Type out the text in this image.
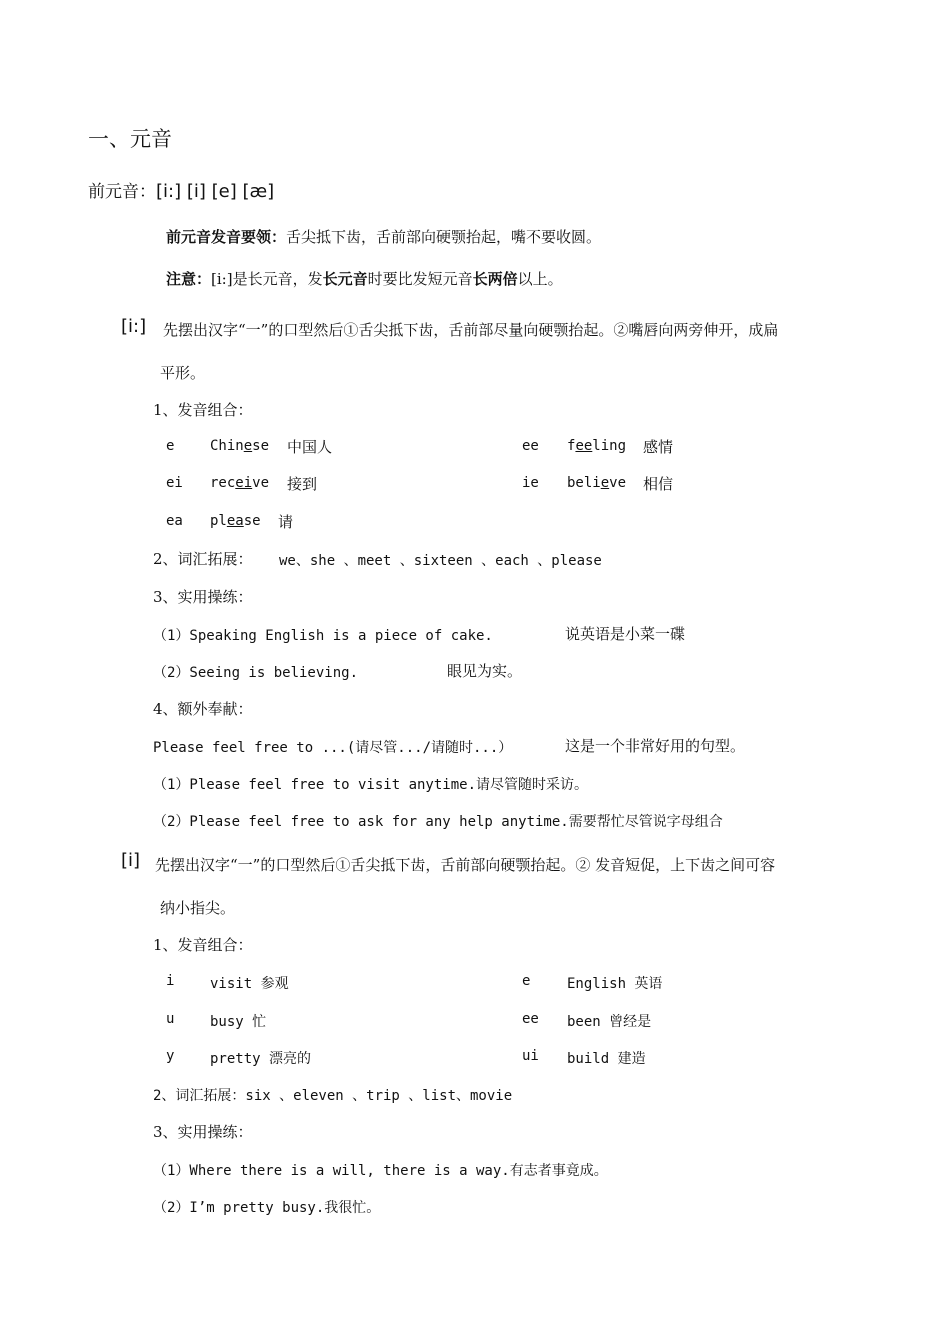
一、元音
前元音：[i:] [i] [e] [æ]
前元音发音要领：舌尖抵下齿，舌前部向硬颚抬起，嘴不要收圆。
注意：[i:]是长元音，发长元音时要比发短元音长两倍以上。
[i:] 先摆出汉字“一”的口型然后①舌尖抵下齿，舌前部尽量向硬颚抬起。②嘴唇向两旁伸开，成扁
平形。
1、发音组合：
e	Chinese 中国人	ee feeling 感情
ei receive 接到	ie believe 相信
ea please 请
2、词汇拓展： we、she 、meet 、sixteen 、each 、please
3、实用操练：
（1）Speaking English is a piece of cake.	说英语是小菜一碟
（2）Seeing is believing.	眼见为实。
4、额外奉献：
Please feel free to ...(请尽管.../请随时...）	这是一个非常好用的句型。
（1）Please feel free to visit anytime.请尽管随时采访。
（2）Please feel free to ask for any help anytime.需要帮忙尽管说字母组合
[i] 先摆出汉字“一”的口型然后①舌尖抵下齿，舌前部向硬颚抬起。② 发音短促，上下齿之间可容
纳小指尖。
1、发音组合：
i	visit 参观	e	English 英语
u	busy 忙	ee been 曾经是
y	pretty 漂亮的	ui build 建造
2、词汇拓展：six 、eleven 、trip 、list、movie
3、实用操练：
（1）Where there is a will, there is a way.有志者事竟成。
（2）I’m pretty busy.我很忙。
